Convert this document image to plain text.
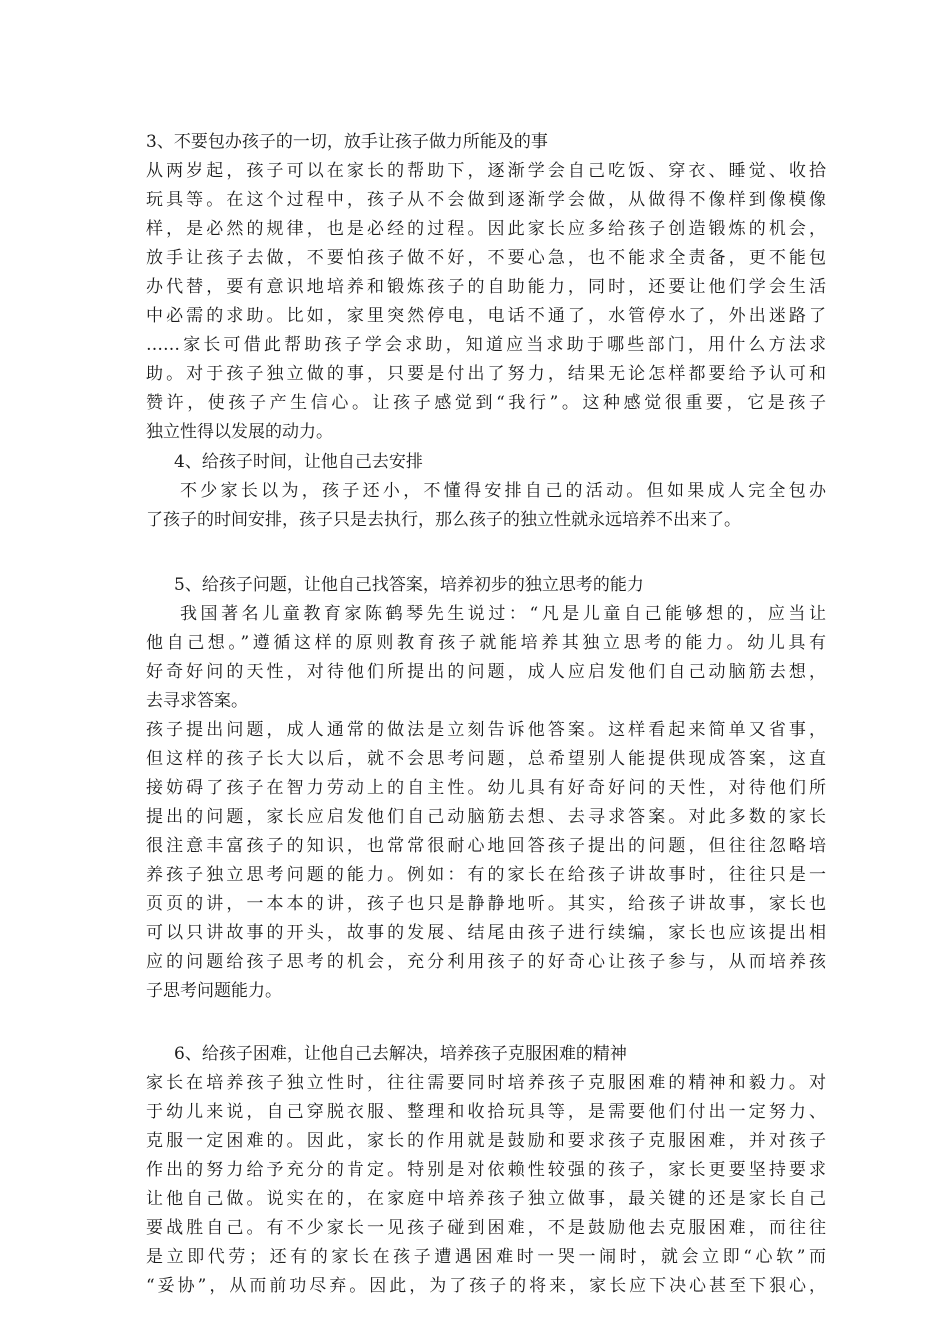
3、不要包办孩子的一切，放手让孩子做力所能及的事
从两岁起，孩子可以在家长的帮助下，逐渐学会自己吃饭、穿衣、睡觉、收拾
玩具等。在这个过程中，孩子从不会做到逐渐学会做，从做得不像样到像模像
样，是必然的规律，也是必经的过程。因此家长应多给孩子创造锻炼的机会，
放手让孩子去做，不要怕孩子做不好，不要心急，也不能求全责备，更不能包
办代替，要有意识地培养和锻炼孩子的自助能力，同时，还要让他们学会生活
中必需的求助。比如，家里突然停电，电话不通了，水管停水了，外出迷路了
……家长可借此帮助孩子学会求助，知道应当求助于哪些部门，用什么方法求
助。对于孩子独立做的事，只要是付出了努力，结果无论怎样都要给予认可和
赞许，使孩子产生信心。让孩子感觉到“我行”。这种感觉很重要，它是孩子
独立性得以发展的动力。
4、给孩子时间，让他自己去安排
不少家长以为，孩子还小，不懂得安排自己的活动。但如果成人完全包办
了孩子的时间安排，孩子只是去执行，那么孩子的独立性就永远培养不出来了。
5、给孩子问题，让他自己找答案，培养初步的独立思考的能力
我国著名儿童教育家陈鹤琴先生说过：“凡是儿童自己能够想的，应当让
他自己想。”遵循这样的原则教育孩子就能培养其独立思考的能力。幼儿具有
好奇好问的天性，对待他们所提出的问题，成人应启发他们自己动脑筋去想，
去寻求答案。
孩子提出问题，成人通常的做法是立刻告诉他答案。这样看起来简单又省事，
但这样的孩子长大以后，就不会思考问题，总希望别人能提供现成答案，这直
接妨碍了孩子在智力劳动上的自主性。幼儿具有好奇好问的天性，对待他们所
提出的问题，家长应启发他们自己动脑筋去想、去寻求答案。对此多数的家长
很注意丰富孩子的知识，也常常很耐心地回答孩子提出的问题，但往往忽略培
养孩子独立思考问题的能力。例如：有的家长在给孩子讲故事时，往往只是一
页页的讲，一本本的讲，孩子也只是静静地听。其实，给孩子讲故事，家长也
可以只讲故事的开头，故事的发展、结尾由孩子进行续编，家长也应该提出相
应的问题给孩子思考的机会，充分利用孩子的好奇心让孩子参与，从而培养孩
子思考问题能力。
6、给孩子困难，让他自己去解决，培养孩子克服困难的精神
家长在培养孩子独立性时，往往需要同时培养孩子克服困难的精神和毅力。对
于幼儿来说，自己穿脱衣服、整理和收拾玩具等，是需要他们付出一定努力、
克服一定困难的。因此，家长的作用就是鼓励和要求孩子克服困难，并对孩子
作出的努力给予充分的肯定。特别是对依赖性较强的孩子，家长更要坚持要求
让他自己做。说实在的，在家庭中培养孩子独立做事，最关键的还是家长自己
要战胜自己。有不少家长一见孩子碰到困难，不是鼓励他去克服困难，而往往
是立即代劳；还有的家长在孩子遭遇困难时一哭一闹时，就会立即“心软”而
“妥协”，从而前功尽弃。因此，为了孩子的将来，家长应下决心甚至下狠心，
